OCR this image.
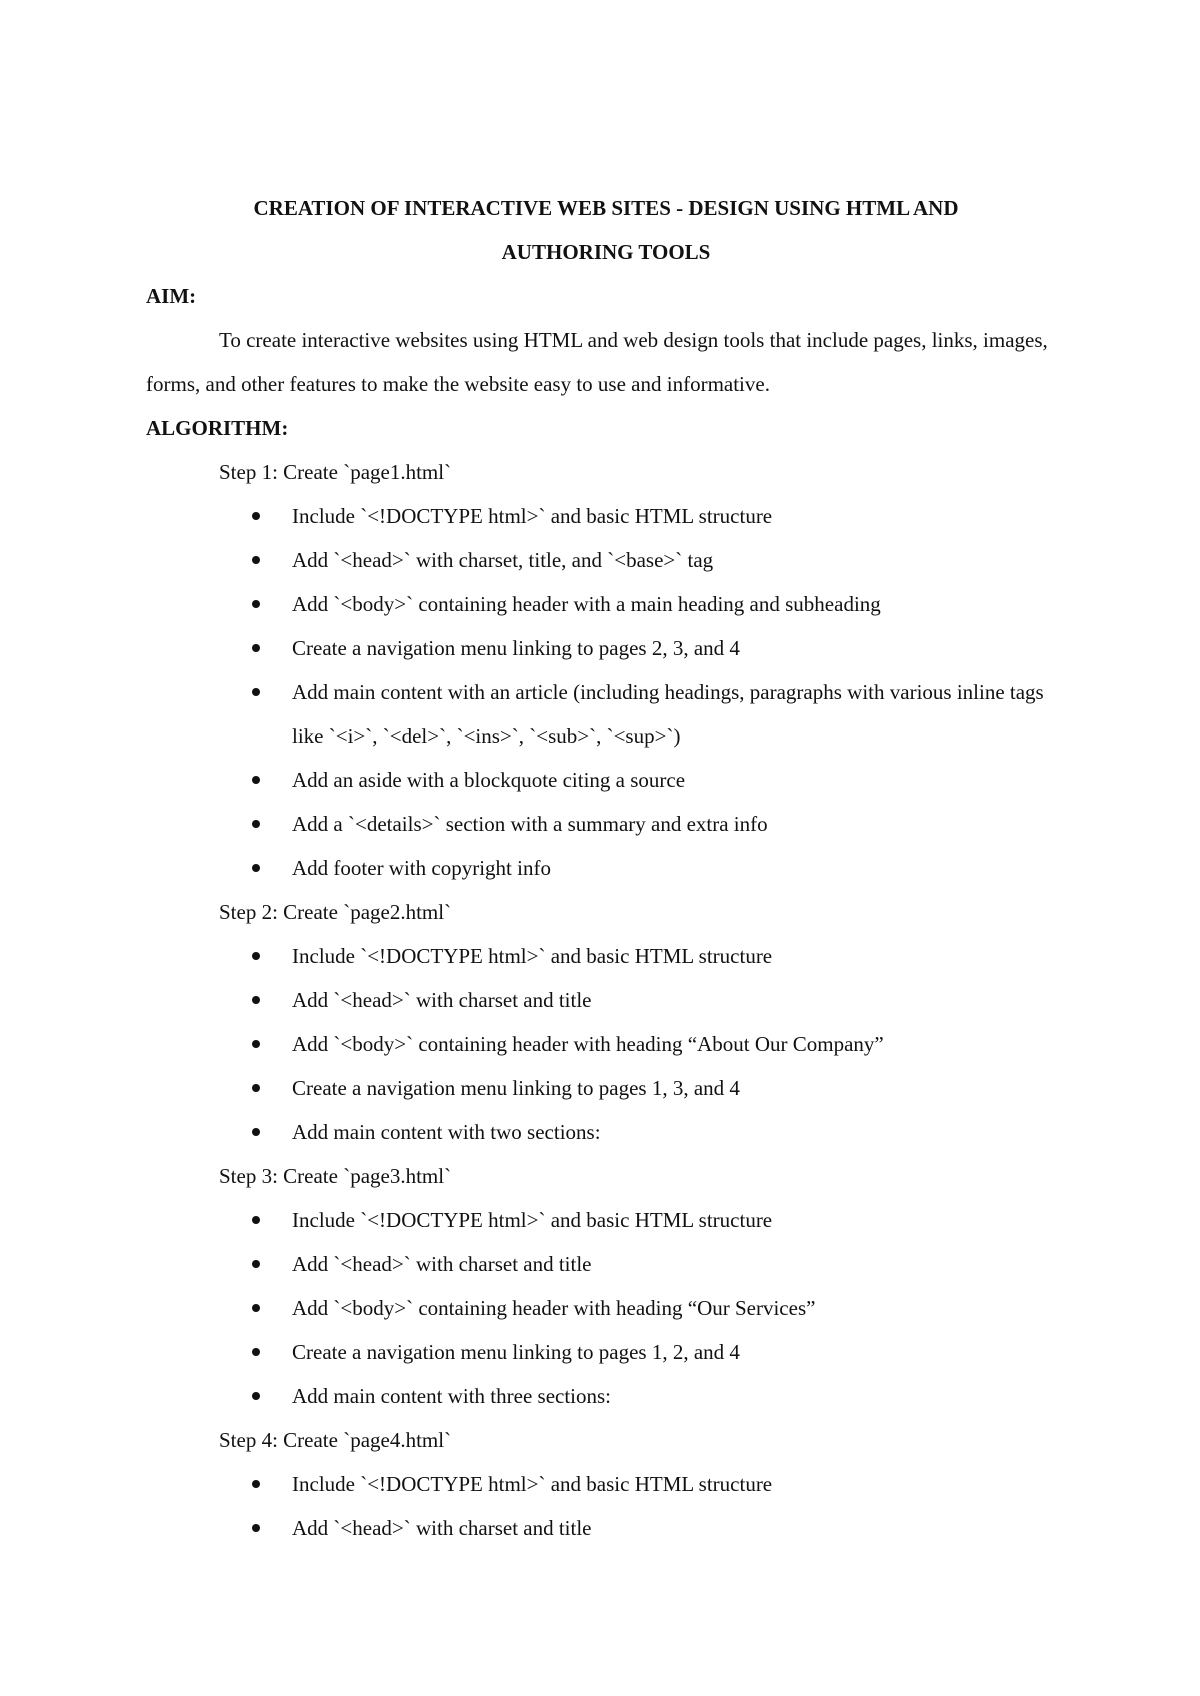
CREATION OF INTERACTIVE WEB SITES - DESIGN USING HTML AND

AUTHORING TOOLS

AIM:

To create interactive websites using HTML and web design tools that include pages, links, images, forms, and other features to make the website easy to use and informative.

ALGORITHM:

Step 1: Create `page1.html`

Include `<!DOCTYPE html>` and basic HTML structure
Add `<head>` with charset, title, and `<base>` tag
Add `<body>` containing header with a main heading and subheading
Create a navigation menu linking to pages 2, 3, and 4
Add main content with an article (including headings, paragraphs with various inline tags like `<i>`, `<del>`, `<ins>`, `<sub>`, `<sup>`)
Add an aside with a blockquote citing a source
Add a `<details>` section with a summary and extra info
Add footer with copyright info

Step 2: Create `page2.html`

Include `<!DOCTYPE html>` and basic HTML structure
Add `<head>` with charset and title
Add `<body>` containing header with heading “About Our Company”
Create a navigation menu linking to pages 1, 3, and 4
Add main content with two sections:

Step 3: Create `page3.html`

Include `<!DOCTYPE html>` and basic HTML structure
Add `<head>` with charset and title
Add `<body>` containing header with heading “Our Services”
Create a navigation menu linking to pages 1, 2, and 4
Add main content with three sections:

Step 4: Create `page4.html`

Include `<!DOCTYPE html>` and basic HTML structure
Add `<head>` with charset and title
